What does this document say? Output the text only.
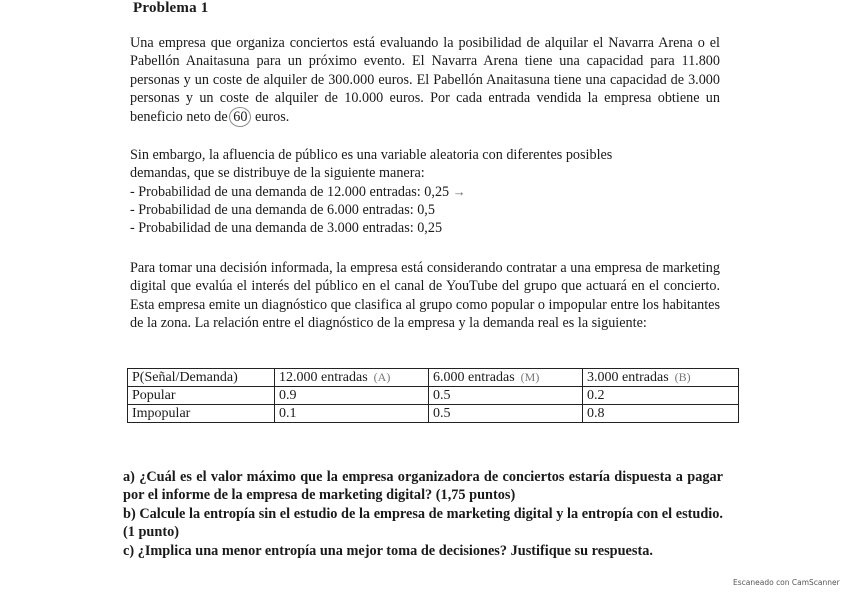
Problema 1
Una empresa que organiza conciertos está evaluando la posibilidad de alquilar el Navarra Arena o el Pabellón Anaitasuna para un próximo evento. El Navarra Arena tiene una capacidad para 11.800 personas y un coste de alquiler de 300.000 euros. El Pabellón Anaitasuna tiene una capacidad de 3.000 personas y un coste de alquiler de 10.000 euros. Por cada entrada vendida la empresa obtiene un beneficio neto de 60 euros.
Sin embargo, la afluencia de público es una variable aleatoria con diferentes posibles
demandas, que se distribuye de la siguiente manera:
- Probabilidad de una demanda de 12.000 entradas: 0,25 →
- Probabilidad de una demanda de 6.000 entradas: 0,5
- Probabilidad de una demanda de 3.000 entradas: 0,25
Para tomar una decisión informada, la empresa está considerando contratar a una empresa de marketing digital que evalúa el interés del público en el canal de YouTube del grupo que actuará en el concierto. Esta empresa emite un diagnóstico que clasifica al grupo como popular o impopular entre los habitantes de la zona. La relación entre el diagnóstico de la empresa y la demanda real es la siguiente:
P(Señal/Demanda)	12.000 entradas (A)	6.000 entradas (M)	3.000 entradas (B)
Popular	0.9	0.5	0.2
Impopular	0.1	0.5	0.8

a) ¿Cuál es el valor máximo que la empresa organizadora de conciertos estaría dispuesta a pagar por el informe de la empresa de marketing digital? (1,75 puntos)

b) Calcule la entropía sin el estudio de la empresa de marketing digital y la entropía con el estudio. (1 punto)

c) ¿Implica una menor entropía una mejor toma de decisiones? Justifique su respuesta.

Escaneado con CamScanner
